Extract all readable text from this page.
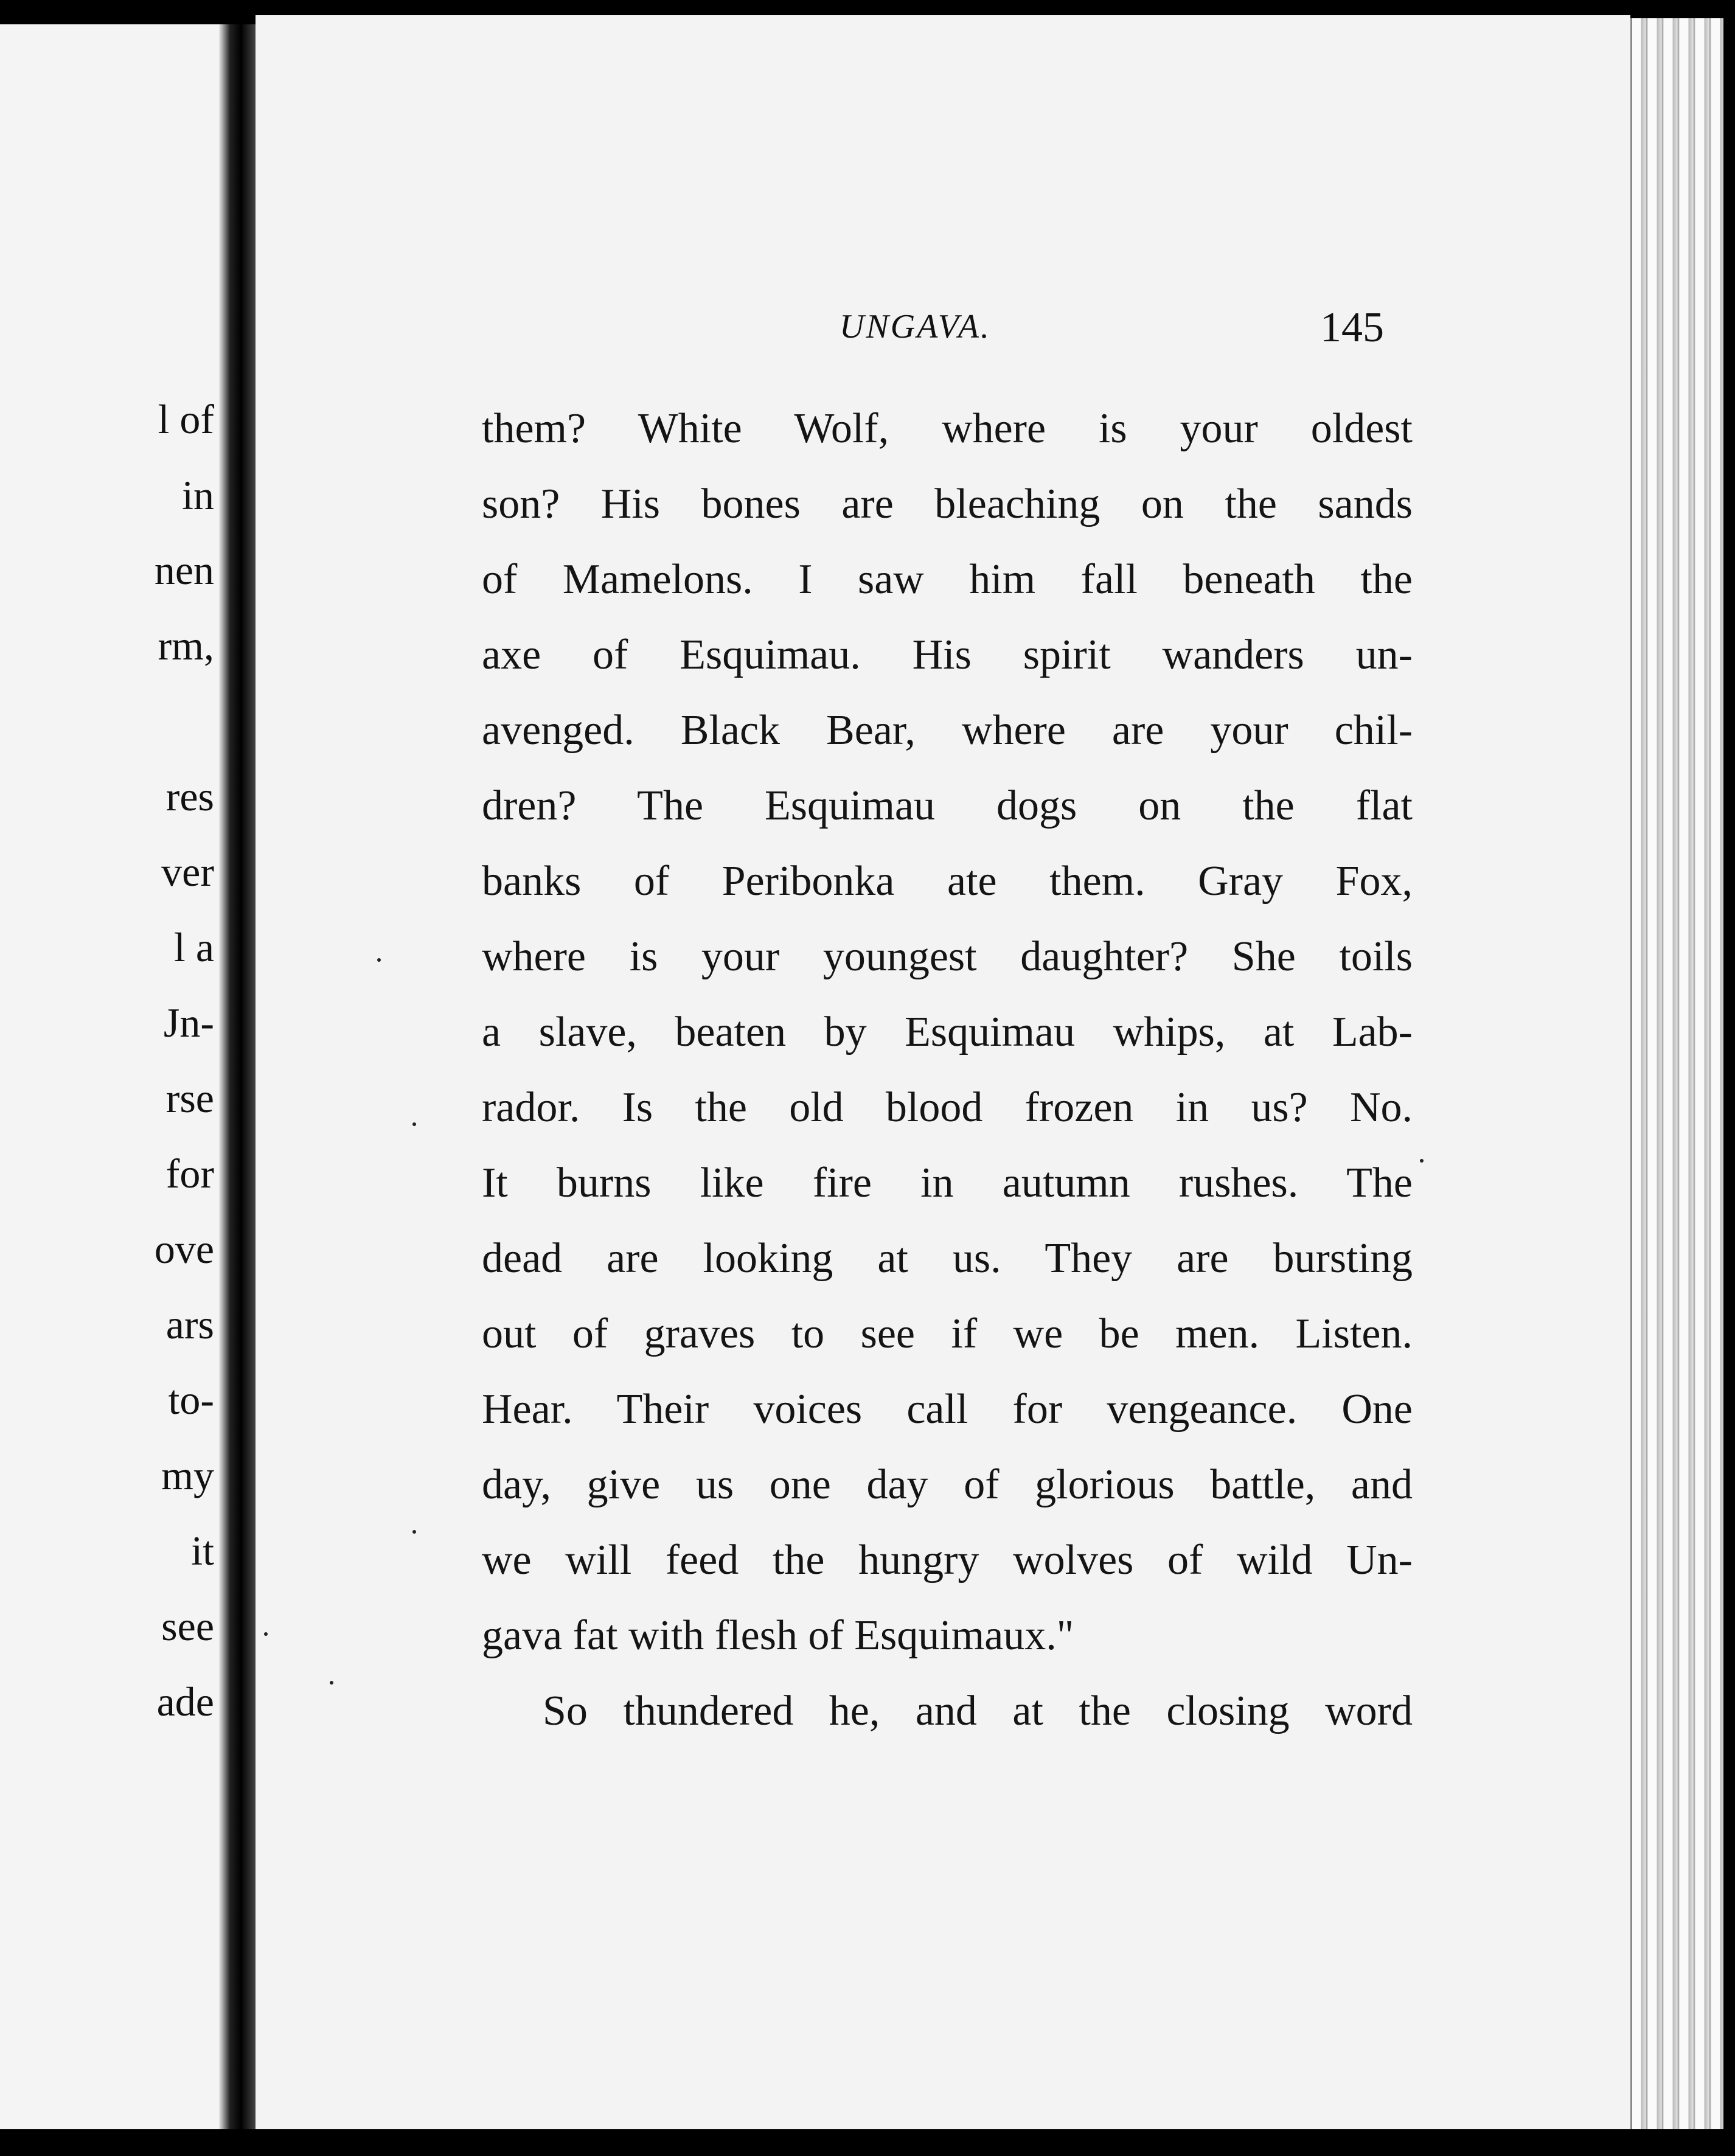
l of
in
nen
rm,
res
ver
l a
Jn-
rse
for
ove
ars
to-
my
it
see
ade
UNGAVA.	145
them? White Wolf, where is your oldest
son? His bones are bleaching on the sands
of Mamelons. I saw him fall beneath the
axe of Esquimau. His spirit wanders un-
avenged. Black Bear, where are your chil-
dren? The Esquimau dogs on the flat
banks of Peribonka ate them. Gray Fox,
where is your youngest daughter? She toils
a slave, beaten by Esquimau whips, at Lab-
rador. Is the old blood frozen in us? No.
It burns like fire in autumn rushes. The
dead are looking at us. They are bursting
out of graves to see if we be men. Listen.
Hear. Their voices call for vengeance. One
day, give us one day of glorious battle, and
we will feed the hungry wolves of wild Un-
gava fat with flesh of Esquimaux."
So thundered he, and at the closing word
